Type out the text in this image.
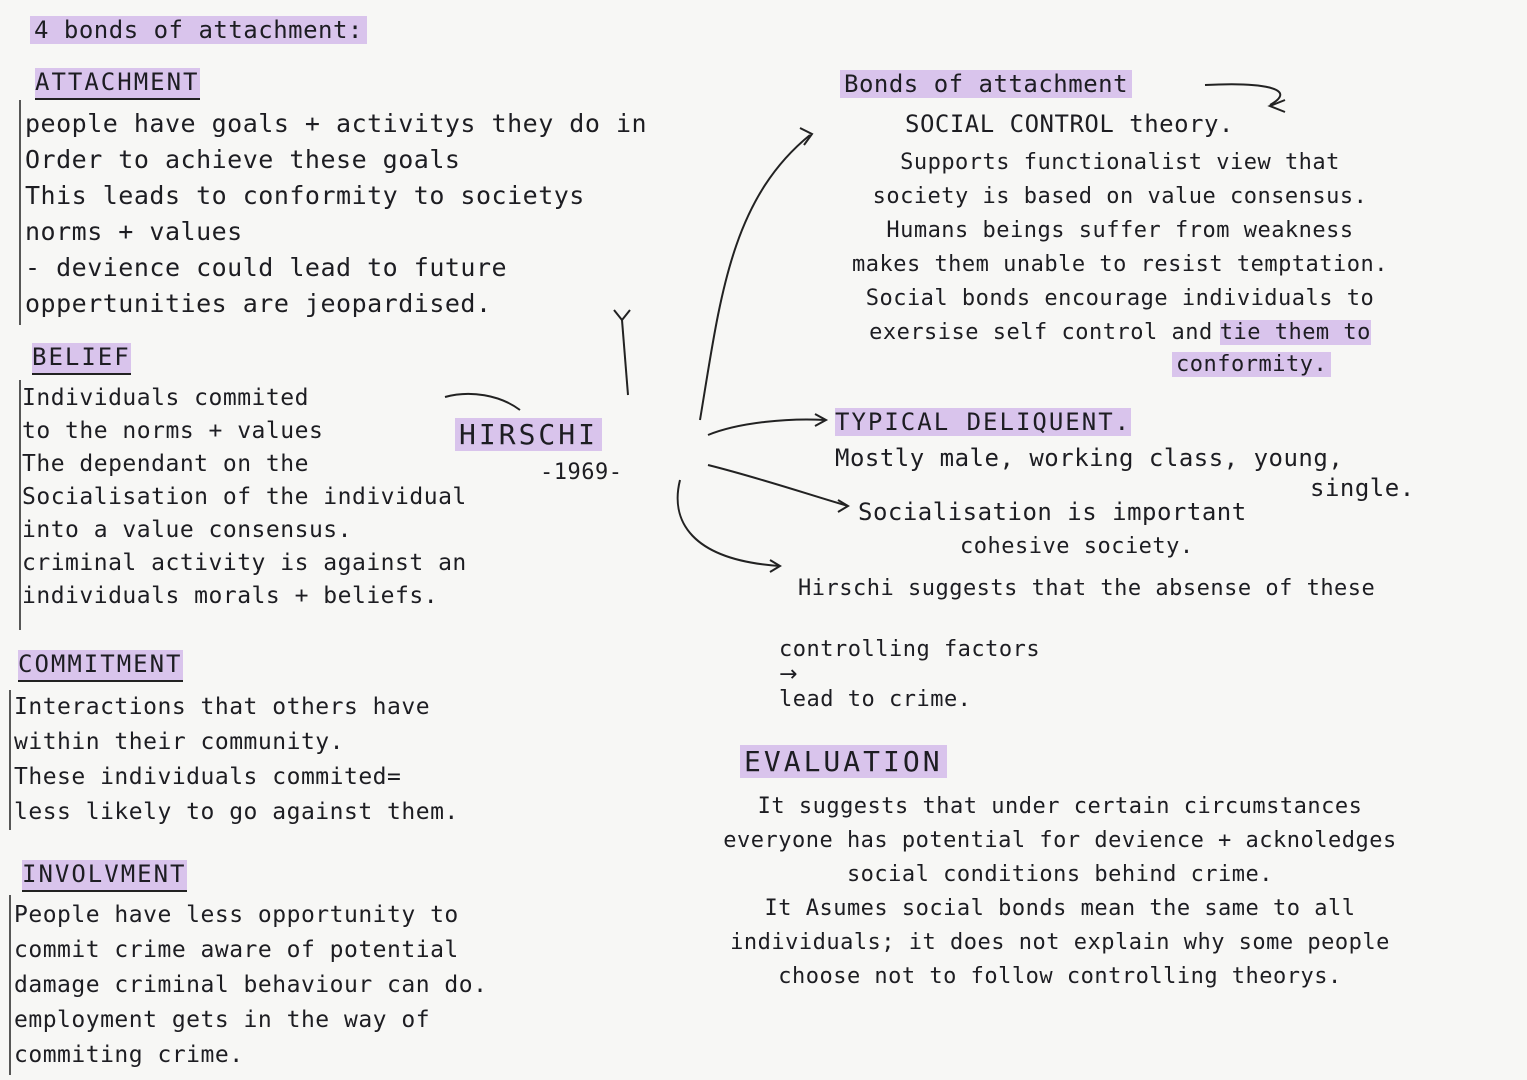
4 bonds of attachment:
ATTACHMENT
people have goals + activitys they do in
Order to achieve these goals
This leads to conformity to societys
norms + values
- devience could lead to future
oppertunities are jeopardised.
BELIEF
Individuals commited
to the norms + values
The dependant on the
Socialisation of the individual
into a value consensus.
criminal activity is against an
individuals morals + beliefs.
COMMITMENT
Interactions that others have
within their community.
These individuals commited=
less likely to go against them.
INVOLVMENT
People have less opportunity to
commit crime aware of potential
damage criminal behaviour can do.
employment gets in the way of
commiting crime.
HIRSCHI
-1969-
Bonds of attachment
SOCIAL CONTROL theory.
Supports functionalist view that
society is based on value consensus.
Humans beings suffer from weakness
makes them unable to resist temptation.
Social bonds encourage individuals to
exersise self control and tie them to
conformity.
TYPICAL DELIQUENT.
Mostly male, working class, young,
single.
Socialisation is important
cohesive society.
Hirschi suggests that the absense of these

controlling factors
→
lead to crime.

EVALUATION
It suggests that under certain circumstances
everyone has potential for devience + acknoledges
social conditions behind crime.
It Asumes social bonds mean the same to all
individuals; it does not explain why some people
choose not to follow controlling theorys.
